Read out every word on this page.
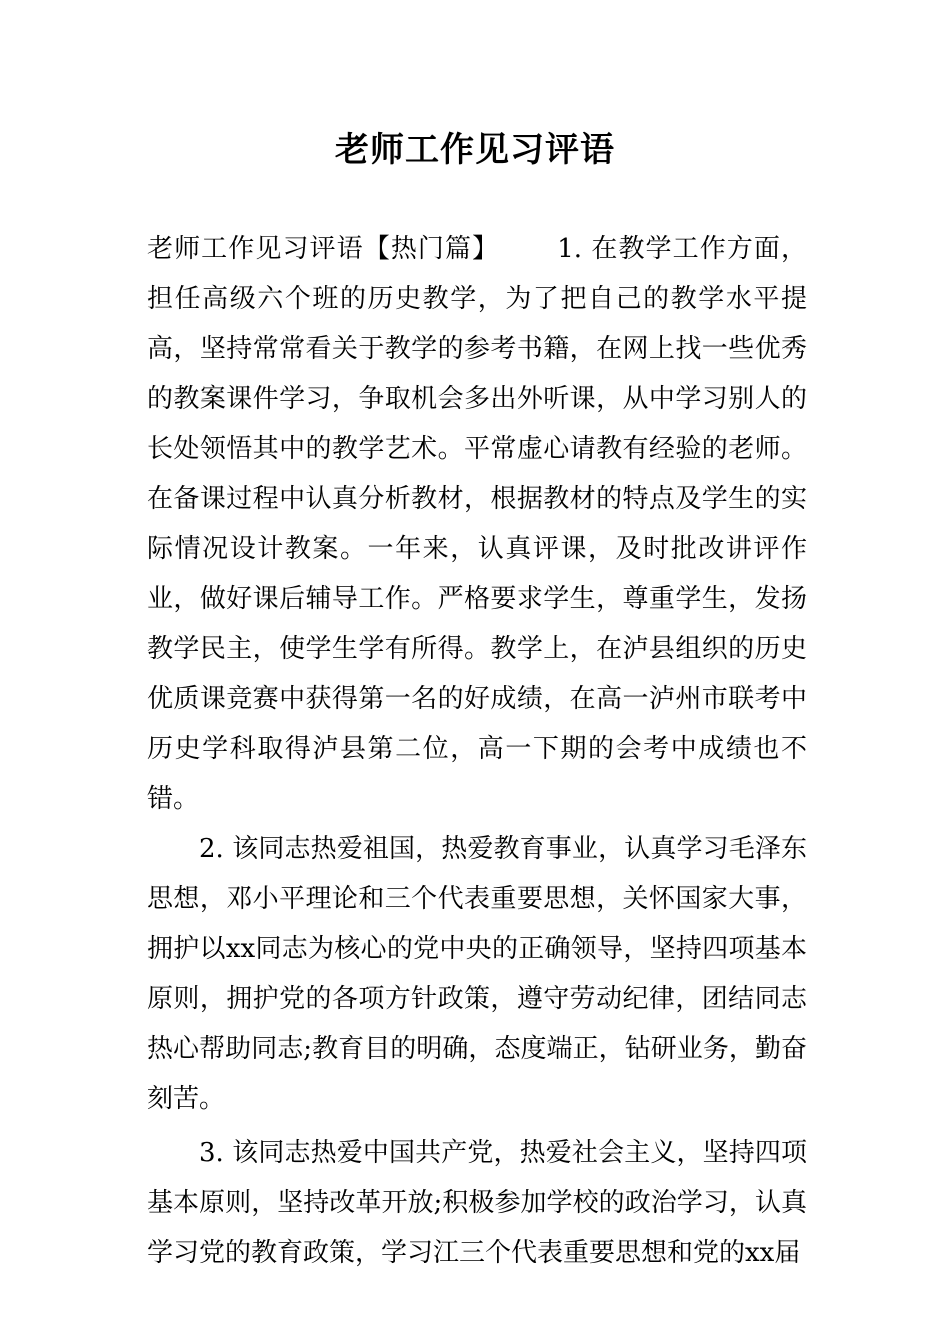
老师工作见习评语

老师工作见习评语【热门篇】 1. 在教学工作方面，担任高级六个班的历史教学，为了把自己的教学水平提高，坚持常常看关于教学的参考书籍，在网上找一些优秀的教案课件学习，争取机会多出外听课，从中学习别人的长处领悟其中的教学艺术。平常虚心请教有经验的老师。在备课过程中认真分析教材，根据教材的特点及学生的实际情况设计教案。一年来，认真评课，及时批改讲评作业，做好课后辅导工作。严格要求学生，尊重学生，发扬教学民主，使学生学有所得。教学上，在泸县组织的历史优质课竞赛中获得第一名的好成绩，在高一泸州市联考中历史学科取得泸县第二位，高一下期的会考中成绩也不错。

2. 该同志热爱祖国，热爱教育事业，认真学习毛泽东思想，邓小平理论和三个代表重要思想，关怀国家大事，拥护以xx同志为核心的党中央的正确领导，坚持四项基本原则，拥护党的各项方针政策，遵守劳动纪律，团结同志热心帮助同志;教育目的明确，态度端正，钻研业务，勤奋刻苦。

3. 该同志热爱中国共产党，热爱社会主义，坚持四项基本原则，坚持改革开放;积极参加学校的政治学习，认真学习党的教育政策，学习江三个代表重要思想和党的xx届
